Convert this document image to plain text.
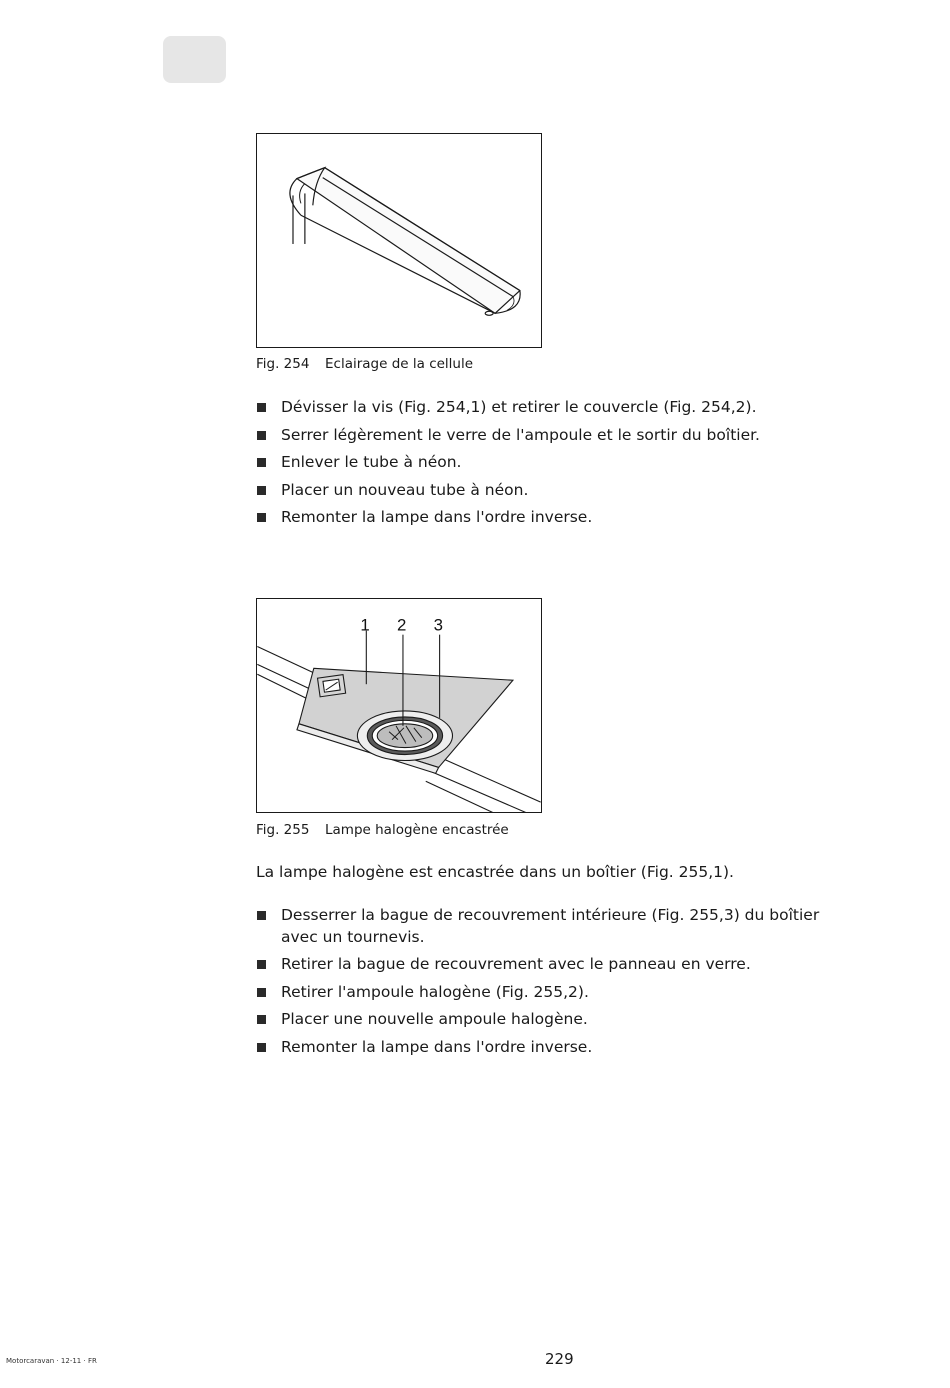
Fig. 254 Eclairage de la cellule
Dévisser la vis (Fig. 254,1) et retirer le couvercle (Fig. 254,2).
Serrer légèrement le verre de l'ampoule et le sortir du boîtier.
Enlever le tube à néon.
Placer un nouveau tube à néon.
Remonter la lampe dans l'ordre inverse.
1 2 3
Fig. 255 Lampe halogène encastrée
La lampe halogène est encastrée dans un boîtier (Fig. 255,1).
Desserrer la bague de recouvrement intérieure (Fig. 255,3) du boîtier avec un tournevis.
Retirer la bague de recouvrement avec le panneau en verre.
Retirer l'ampoule halogène (Fig. 255,2).
Placer une nouvelle ampoule halogène.
Remonter la lampe dans l'ordre inverse.
Motorcaravan · 12-11 · FR	229
